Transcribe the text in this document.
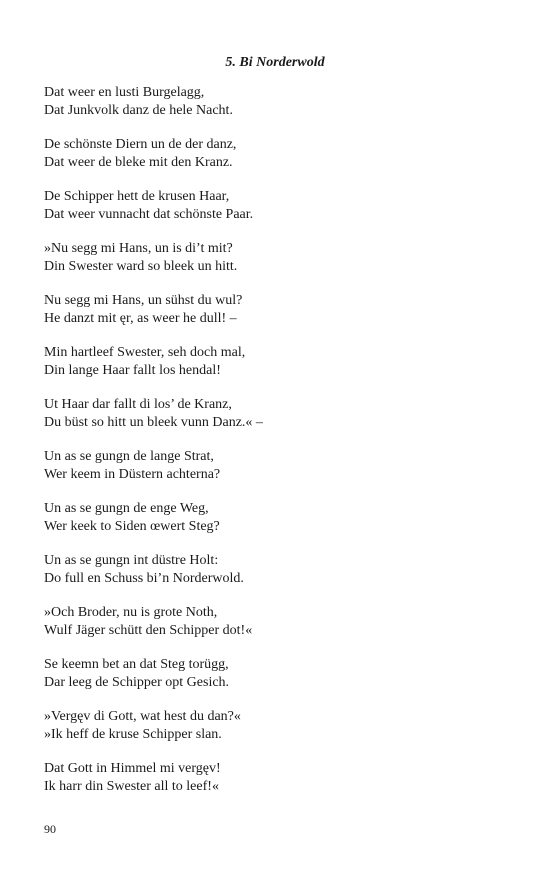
5. Bi Norderwold
Dat weer en lusti Burgelagg,
Dat Junkvolk danz de hele Nacht.
De schönste Diern un de der danz,
Dat weer de bleke mit den Kranz.
De Schipper hett de krusen Haar,
Dat weer vunnacht dat schönste Paar.
»Nu segg mi Hans, un is di’t mit?
Din Swester ward so bleek un hitt.
Nu segg mi Hans, un sühst du wul?
He danzt mit ęr, as weer he dull! –
Min hartleef Swester, seh doch mal,
Din lange Haar fallt los hendal!
Ut Haar dar fallt di los’ de Kranz,
Du büst so hitt un bleek vunn Danz.« –
Un as se gungn de lange Strat,
Wer keem in Düstern achterna?
Un as se gungn de enge Weg,
Wer keek to Siden œwert Steg?
Un as se gungn int düstre Holt:
Do full en Schuss bi’n Norderwold.
»Och Broder, nu is grote Noth,
Wulf Jäger schütt den Schipper dot!«
Se keemn bet an dat Steg torügg,
Dar leeg de Schipper opt Gesich.
»Vergęv di Gott, wat hest du dan?«
»Ik heff de kruse Schipper slan.
Dat Gott in Himmel mi vergęv!
Ik harr din Swester all to leef!«
90
